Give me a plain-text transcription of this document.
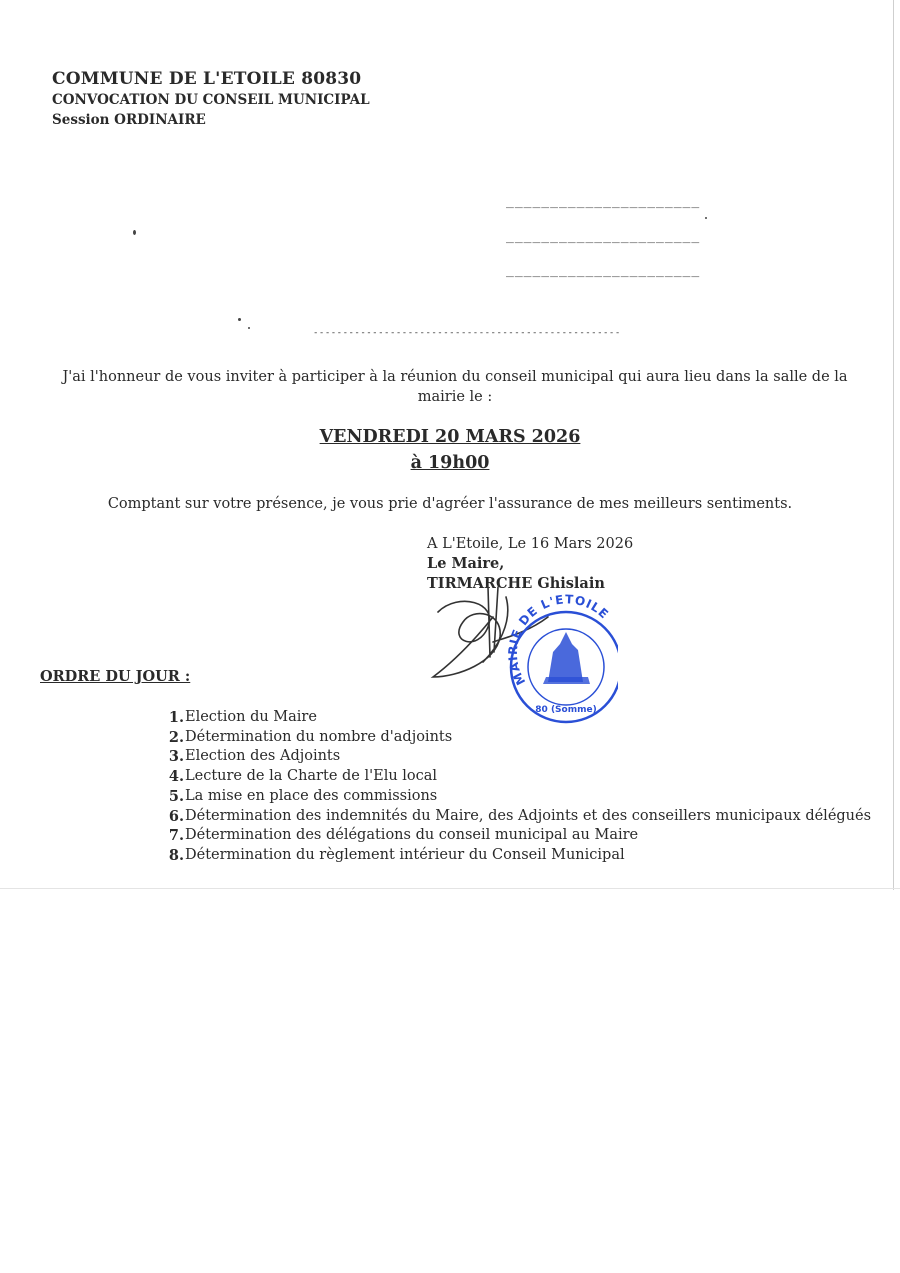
COMMUNE DE L'ETOILE 80830
CONVOCATION DU CONSEIL MUNICIPAL
Session ORDINAIRE
______________________
______________________
______________________
----------------------------------------------------
J'ai l'honneur de vous inviter à participer à la réunion du conseil municipal qui aura lieu dans la salle de la mairie le :
VENDREDI 20 MARS 2026
à 19h00
Comptant sur votre présence, je vous prie d'agréer l'assurance de mes meilleurs sentiments.
A L'Etoile, Le 16 Mars 2026
Le Maire,
TIRMARCHE Ghislain
MAIRIE DE L'ETOILE
80 (Somme)
ORDRE DU JOUR :
1. Election du Maire
2. Détermination du nombre d'adjoints
3. Election des Adjoints
4. Lecture de la Charte de l'Elu local
5. La mise en place des commissions
6. Détermination des indemnités du Maire, des Adjoints et des conseillers municipaux délégués
7. Détermination des délégations du conseil municipal au Maire
8. Détermination du règlement intérieur du Conseil Municipal
